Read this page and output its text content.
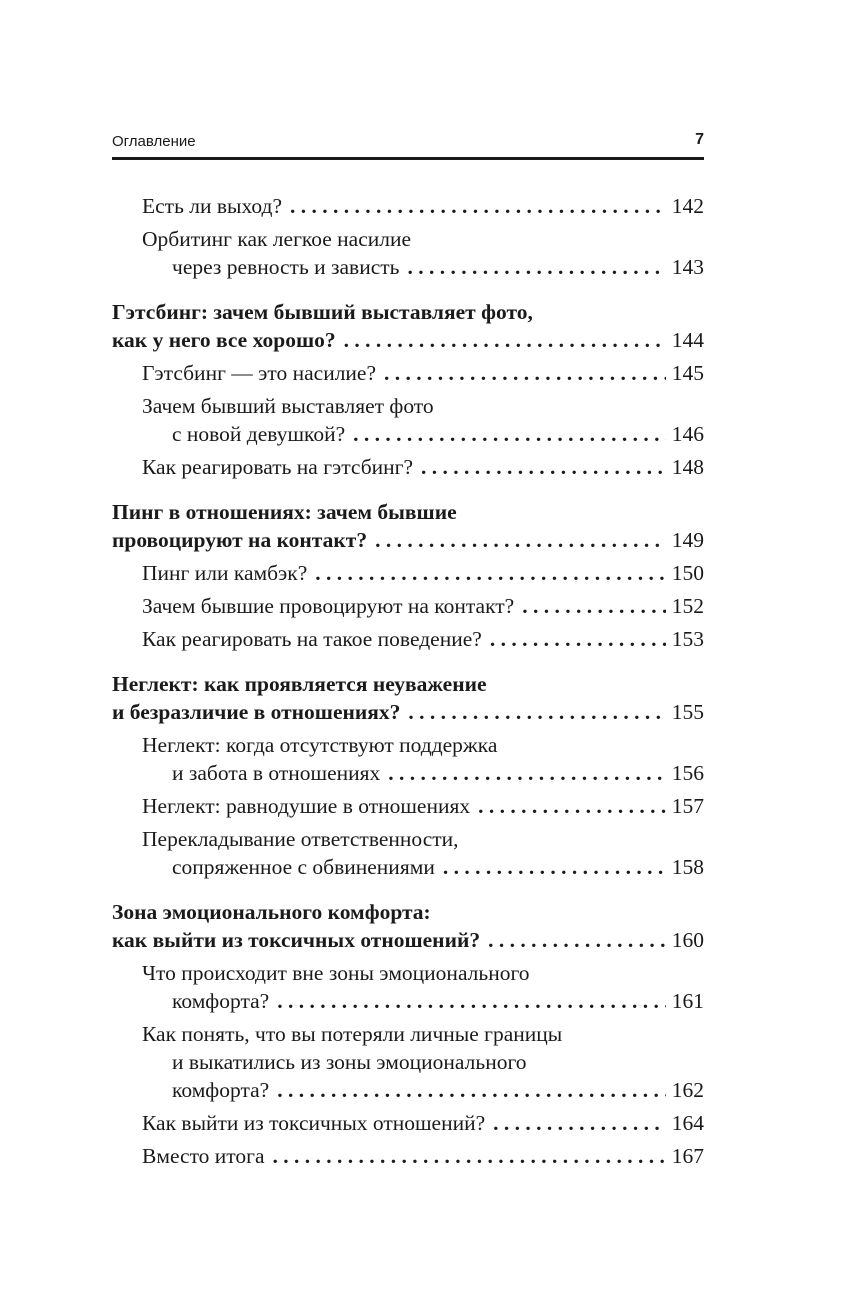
Оглавление	7
Есть ли выход? . . .	142
Орбитинг как легкое насилие
через ревность и зависть . . .	143
Гэтсбинг: зачем бывший выставляет фото,
как у него все хорошо? . . .	144
Гэтсбинг — это насилие? . . .	145
Зачем бывший выставляет фото
с новой девушкой? . . .	146
Как реагировать на гэтсбинг? . . .	148
Пинг в отношениях: зачем бывшие
провоцируют на контакт? . . .	149
Пинг или камбэк? . . .	150
Зачем бывшие провоцируют на контакт? . . .	152
Как реагировать на такое поведение? . . .	153
Неглект: как проявляется неуважение
и безразличие в отношениях? . . .	155
Неглект: когда отсутствуют поддержка
и забота в отношениях . . .	156
Неглект: равнодушие в отношениях . . .	157
Перекладывание ответственности,
сопряженное с обвинениями . . .	158
Зона эмоционального комфорта:
как выйти из токсичных отношений? . . .	160
Что происходит вне зоны эмоционального
комфорта? . . .	161
Как понять, что вы потеряли личные границы
и выкатились из зоны эмоционального
комфорта? . . .	162
Как выйти из токсичных отношений? . . .	164
Вместо итога . . .	167
